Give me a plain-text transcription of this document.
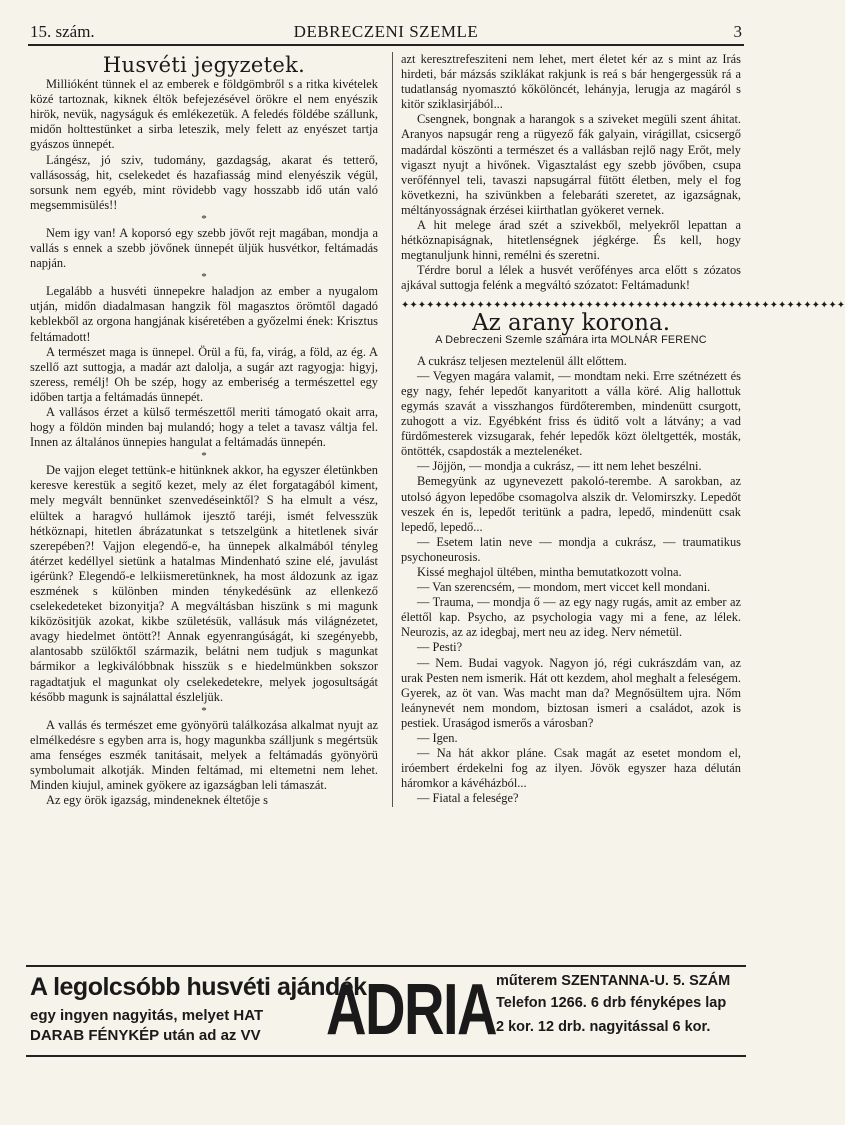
15. szám.	DEBRECZENI SZEMLE	3
Husvéti jegyzetek.

Millióként tünnek el az emberek e földgömbről s a ritka kivételek közé tartoznak, kiknek éltök befejezésével örökre el nem enyészik hirök, nevük, nagyságuk és emlékezetük. A feledés földébe szállunk, midőn holttestünket a sirba leteszik, mely felett az enyészet tartja gyászos ünnepét.

Lángész, jó sziv, tudomány, gazdagság, akarat és tetterő, vallásosság, hit, cselekedet és hazafiasság mind elenyészik végül, sorsunk nem egyéb, mint rövidebb vagy hosszabb idő után való megsemmisülés!!

*

Nem igy van! A koporsó egy szebb jövőt rejt magában, mondja a vallás s ennek a szebb jövőnek ünnepét üljük husvétkor, feltámadás napján.

*

Legalább a husvéti ünnepekre haladjon az ember a nyugalom utján, midőn diadalmasan hangzik föl magasztos örömtől dagadó keblekből az orgona hangjának kiséretében a győzelmi ének: Krisztus feltámadott!

A természet maga is ünnepel. Örül a fü, fa, virág, a föld, az ég. A szellő azt suttogja, a madár azt dalolja, a sugár azt ragyogja: higyj, szeress, remélj! Oh be szép, hogy az emberiség a természettel egy időben tartja a feltámadás ünnepét.

A vallásos érzet a külső természettől meriti támogató okait arra, hogy a földön minden baj mulandó; hogy a telet a tavasz váltja fel. Innen az általános ünnepies hangulat a feltámadás ünnepén.

*

De vajjon eleget tettünk-e hitünknek akkor, ha egyszer életünkben keresve kerestük a segitő kezet, mely az élet forgatagából kiment, mely megvált bennünket szenvedéseinktől? S ha elmult a vész, elültek a haragvó hullámok ijesztő taréji, ismét felvesszük hétköznapi, hitetlen ábrázatunkat s tetszelgünk a hitetlenek sivár szerepében?! Vajjon elegendő-e, ha ünnepek alkalmából tényleg átérzet kedéllyel sietünk a hatalmas Mindenható szine elé, javulást igérünk? Elegendő-e lelkiismeretünknek, ha most áldozunk az igaz eszmének s különben minden ténykedésünk az ellenkező cselekedeteket bizonyitja? A megváltásban hiszünk s mi magunk kiközösitjük azokat, kikbe születésük, vallásuk más világnézetet, avagy hiedelmet öntött?! Annak egyenrangúságát, ki szegényebb, alantosabb szülőktől származik, belátni nem tudjuk s magunkat bármikor a legkiválóbbnak hisszük s e hiedelmünkben sokszor ragadtatjuk el magunkat oly cselekedetekre, melyek jogosultságát később magunk is sajnálattal észleljük.

*

A vallás és természet eme gyönyörü találkozása alkalmat nyujt az elmélkedésre s egyben arra is, hogy magunkba szálljunk s megértsük ama fenséges eszmék tanitásait, melyek a feltámadás gyönyörü symbolumait alkotják. Minden feltámad, mi eltemetni nem lehet. Minden kiujul, aminek gyökere az igazságban leli támaszát.

Az egy örök igazság, mindeneknek éltetője s

azt keresztrefesziteni nem lehet, mert életet kér az s mint az Irás hirdeti, bár mázsás sziklákat rakjunk is reá s bár hengergessük rá a tudatlanság nyomasztó kőkölöncét, lehányja, lerugja az magáról s kitör sziklasirjából...

Csengnek, bongnak a harangok s a sziveket megüli szent áhitat. Aranyos napsugár reng a rügyező fák galyain, virágillat, csicsergő madárdal köszönti a természet és a vallásban rejlő nagy Erőt, mely vigaszt nyujt a hivőnek. Vigasztalást egy szebb jövőben, csupa verőfénnyel teli, tavaszi napsugárral fütött életben, mely el fog következni, ha szivünkben a felebaráti szeretet, az igazságnak, méltányosságnak érzései kiirthatlan gyökeret vernek.

A hit melege árad szét a szivekből, melyekről lepattan a hétköznapiságnak, hitetlenségnek jégkérge. És kell, hogy megtanuljunk hinni, remélni és szeretni.

Térdre borul a lélek a husvét verőfényes arca előtt s zózatos ajkával suttogja felénk a megváltó szózatot: Feltámadunk!

✦✦✦✦✦✦✦✦✦✦✦✦✦✦✦✦✦✦✦✦✦✦✦✦✦✦✦✦✦✦✦✦✦✦✦✦✦✦✦✦✦✦✦✦✦✦✦✦✦✦✦✦✦
Az arany korona.
A Debreczeni Szemle számára irta MOLNÁR FERENC

A cukrász teljesen meztelenül állt előttem.

— Vegyen magára valamit, — mondtam neki. Erre szétnézett és egy nagy, fehér lepedőt kanyaritott a válla köré. Alig hallottuk egymás szavát a visszhangos fürdőteremben, mindenütt csurgott, zuhogott a viz. Egyébként friss és üditő volt a látvány; a vad fürdőmesterek vizsugarak, fehér lepedők közt öleltgették, mosták, öntötték, csapdosták a meztelenéket.

— Jöjjön, — mondja a cukrász, — itt nem lehet beszélni.

Bemegyünk az ugynevezett pakoló-terembe. A sarokban, az utolsó ágyon lepedőbe csomagolva alszik dr. Velomirszky. Lepedőt veszek én is, lepedőt teritünk a padra, lepedő, mindenütt csak lepedő, lepedő...

— Esetem latin neve — mondja a cukrász, — traumatikus psychoneurosis.

Kissé meghajol ültében, mintha bemutatkozott volna.

— Van szerencsém, — mondom, mert viccet kell mondani.

— Trauma, — mondja ő — az egy nagy rugás, amit az ember az élettől kap. Psycho, az psychologia vagy mi a fene, az lélek. Neurozis, az az idegbaj, mert neu az ideg. Nerv németül.

— Pesti?

— Nem. Budai vagyok. Nagyon jó, régi cukrászdám van, az urak Pesten nem ismerik. Hát ott kezdem, ahol meghalt a feleségem. Gyerek, az öt van. Was macht man da? Megnősültem ujra. Nőm leánynevét nem mondom, biztosan ismeri a családot, azok is pestiek. Uraságod ismerős a városban?

— Igen.

— Na hát akkor pláne. Csak magát az esetet mondom el, iróembert érdekelni fog az ilyen. Jövök egyszer haza délután háromkor a kávéházból...

— Fiatal a felesége?

A legolcsóbb husvéti ajándék
egy ingyen nagyitás, melyet HAT
DARAB FÉNYKÉP után ad az VV ADRIA műterem SZENTANNA-U. 5. SZÁM
Telefon 1266. 6 drb fényképes lap
2 kor. 12 drb. nagyitással 6 kor.
